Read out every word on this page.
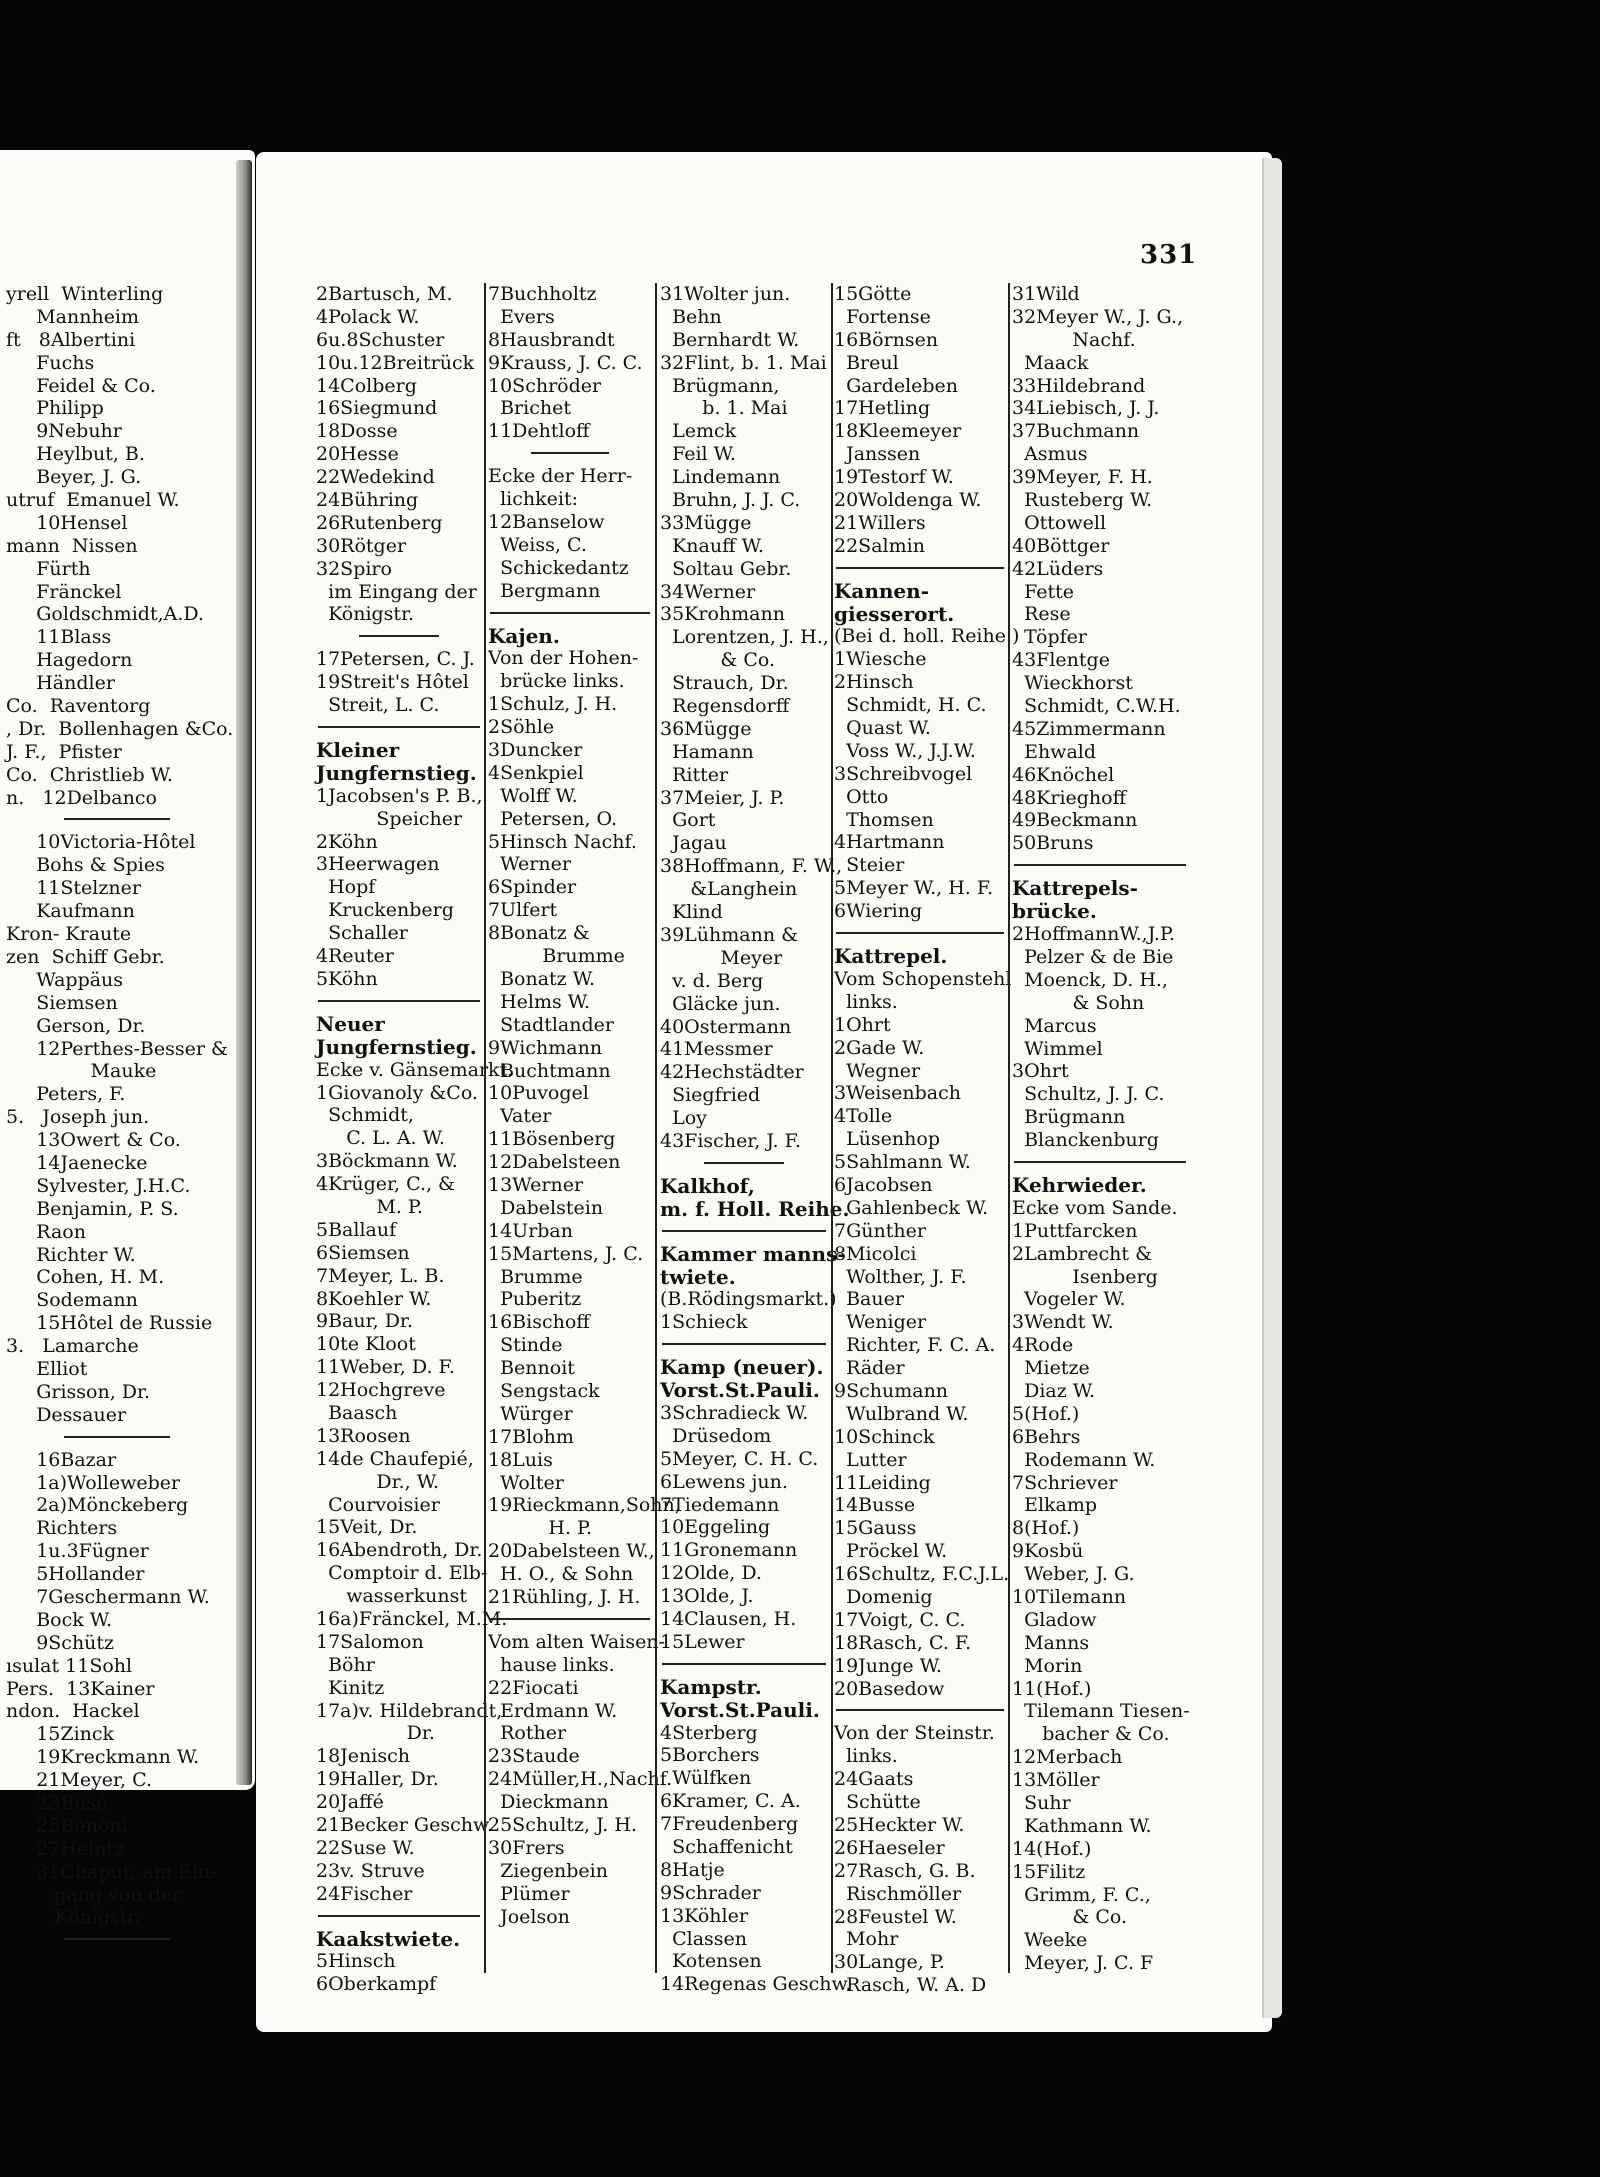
331
yrell  Winterling
Mannheim
ft   8Albertini
Fuchs
Feidel & Co.
Philipp
9Nebuhr
Heylbut, B.
Beyer, J. G.
utruf  Emanuel W.
10Hensel
mann  Nissen
Fürth
Fränckel
Goldschmidt,A.D.
11Blass
Hagedorn
Händler
Co.  Raventorg
, Dr.  Bollenhagen &Co.
J. F.,  Pfister
Co.  Christlieb W.
n.   12Delbanco
10Victoria-Hôtel
Bohs & Spies
11Stelzner
Kaufmann
Kron- Kraute
zen  Schiff Gebr.
Wappäus
Siemsen
Gerson, Dr.
12Perthes-Besser &
Mauke
Peters, F.
5.   Joseph jun.
13Owert & Co.
14Jaenecke
Sylvester, J.H.C.
Benjamin, P. S.
Raon
Richter W.
Cohen, H. M.
Sodemann
15Hôtel de Russie
3.   Lamarche
Elliot
Grisson, Dr.
Dessauer
16Bazar
1a)Wolleweber
2a)Mönckeberg
Richters
1u.3Fügner
5Hollander
7Geschermann W.
Bock W.
9Schütz
ısulat 11Sohl
Pers.  13Kainer
ndon.  Hackel
15Zinck
19Kreckmann W.
21Meyer, C.
23Buse
25Benoni
27Heintz
31Chaput, am Ein-
gang von der
Königstr.
2Bartusch, M.
4Polack W.
6u.8Schuster
10u.12Breitrück
14Colberg
16Siegmund
18Dosse
20Hesse
22Wedekind
24Bühring
26Rutenberg
30Rötger
32Spiro
im Eingang der
Königstr.
17Petersen, C. J.
19Streit's Hôtel
Streit, L. C.
Kleiner
Jungfernstieg.
1Jacobsen's P. B.,
Speicher
2Köhn
3Heerwagen
Hopf
Kruckenberg
Schaller
4Reuter
5Köhn
Neuer
Jungfernstieg.
Ecke v. Gänsemarkt.
1Giovanoly &Co.
Schmidt,
C. L. A. W.
3Böckmann W.
4Krüger, C., &
M. P.
5Ballauf
6Siemsen
7Meyer, L. B.
8Koehler W.
9Baur, Dr.
10te Kloot
11Weber, D. F.
12Hochgreve
Baasch
13Roosen
14de Chaufepié,
Dr., W.
Courvoisier
15Veit, Dr.
16Abendroth, Dr.
Comptoir d. Elb-
wasserkunst
16a)Fränckel, M.M.
17Salomon
Böhr
Kinitz
17a)v. Hildebrandt,
Dr.
18Jenisch
19Haller, Dr.
20Jaffé
21Becker Geschw.
22Suse W.
23v. Struve
24Fischer
Kaakstwiete.
5Hinsch
6Oberkampf
7Buchholtz
Evers
8Hausbrandt
9Krauss, J. C. C.
10Schröder
Brichet
11Dehtloff
Ecke der Herr-
lichkeit:
12Banselow
Weiss, C.
Schickedantz
Bergmann
Kajen.
Von der Hohen-
brücke links.
1Schulz, J. H.
2Söhle
3Duncker
4Senkpiel
Wolff W.
Petersen, O.
5Hinsch Nachf.
Werner
6Spinder
7Ulfert
8Bonatz &
Brumme
Bonatz W.
Helms W.
Stadtlander
9Wichmann
Buchtmann
10Puvogel
Vater
11Bösenberg
12Dabelsteen
13Werner
Dabelstein
14Urban
15Martens, J. C.
Brumme
Puberitz
16Bischoff
Stinde
Bennoit
Sengstack
Würger
17Blohm
18Luis
Wolter
19Rieckmann,Sohn,
H. P.
20Dabelsteen W.,
H. O., & Sohn
21Rühling, J. H.
Vom alten Waisen-
hause links.
22Fiocati
Erdmann W.
Rother
23Staude
24Müller,H.,Nachf.
Dieckmann
25Schultz, J. H.
30Frers
Ziegenbein
Plümer
Joelson
31Wolter jun.
Behn
Bernhardt W.
32Flint, b. 1. Mai
Brügmann,
b. 1. Mai
Lemck
Feil W.
Lindemann
Bruhn, J. J. C.
33Mügge
Knauff W.
Soltau Gebr.
34Werner
35Krohmann
Lorentzen, J. H.,
& Co.
Strauch, Dr.
Regensdorff
36Mügge
Hamann
Ritter
37Meier, J. P.
Gort
Jagau
38Hoffmann, F. W.,
&Langhein
Klind
39Lühmann &
Meyer
v. d. Berg
Gläcke jun.
40Ostermann
41Messmer
42Hechstädter
Siegfried
Loy
43Fischer, J. F.
Kalkhof,
m. f. Holl. Reihe.
Kammer manns-
twiete.
(B.Rödingsmarkt.)
1Schieck
Kamp (neuer).
Vorst.St.Pauli.
3Schradieck W.
Drüsedom
5Meyer, C. H. C.
6Lewens jun.
7Tiedemann
10Eggeling
11Gronemann
12Olde, D.
13Olde, J.
14Clausen, H.
15Lewer
Kampstr.
Vorst.St.Pauli.
4Sterberg
5Borchers
Wülfken
6Kramer, C. A.
7Freudenberg
Schaffenicht
8Hatje
9Schrader
13Köhler
Classen
Kotensen
14Regenas Geschw.
15Götte
Fortense
16Börnsen
Breul
Gardeleben
17Hetling
18Kleemeyer
Janssen
19Testorf W.
20Woldenga W.
21Willers
22Salmin
Kannen-
giesserort.
(Bei d. holl. Reihe.)
1Wiesche
2Hinsch
Schmidt, H. C.
Quast W.
Voss W., J.J.W.
3Schreibvogel
Otto
Thomsen
4Hartmann
Steier
5Meyer W., H. F.
6Wiering
Kattrepel.
Vom Schopenstehl
links.
1Ohrt
2Gade W.
Wegner
3Weisenbach
4Tolle
Lüsenhop
5Sahlmann W.
6Jacobsen
Gahlenbeck W.
7Günther
8Micolci
Wolther, J. F.
Bauer
Weniger
Richter, F. C. A.
Räder
9Schumann
Wulbrand W.
10Schinck
Lutter
11Leiding
14Busse
15Gauss
Pröckel W.
16Schultz, F.C.J.L.
Domenig
17Voigt, C. C.
18Rasch, C. F.
19Junge W.
20Basedow
Von der Steinstr.
links.
24Gaats
Schütte
25Heckter W.
26Haeseler
27Rasch, G. B.
Rischmöller
28Feustel W.
Mohr
30Lange, P.
Rasch, W. A. D
31Wild
32Meyer W., J. G.,
Nachf.
Maack
33Hildebrand
34Liebisch, J. J.
37Buchmann
Asmus
39Meyer, F. H.
Rusteberg W.
Ottowell
40Böttger
42Lüders
Fette
Rese
Töpfer
43Flentge
Wieckhorst
Schmidt, C.W.H.
45Zimmermann
Ehwald
46Knöchel
48Krieghoff
49Beckmann
50Bruns
Kattrepels-
brücke.
2HoffmannW.,J.P.
Pelzer & de Bie
Moenck, D. H.,
& Sohn
Marcus
Wimmel
3Ohrt
Schultz, J. J. C.
Brügmann
Blanckenburg
Kehrwieder.
Ecke vom Sande.
1Puttfarcken
2Lambrecht &
Isenberg
Vogeler W.
3Wendt W.
4Rode
Mietze
Diaz W.
5(Hof.)
6Behrs
Rodemann W.
7Schriever
Elkamp
8(Hof.)
9Kosbü
Weber, J. G.
10Tilemann
Gladow
Manns
Morin
11(Hof.)
Tilemann Tiesen-
bacher & Co.
12Merbach
13Möller
Suhr
Kathmann W.
14(Hof.)
15Filitz
Grimm, F. C.,
& Co.
Weeke
Meyer, J. C. F
